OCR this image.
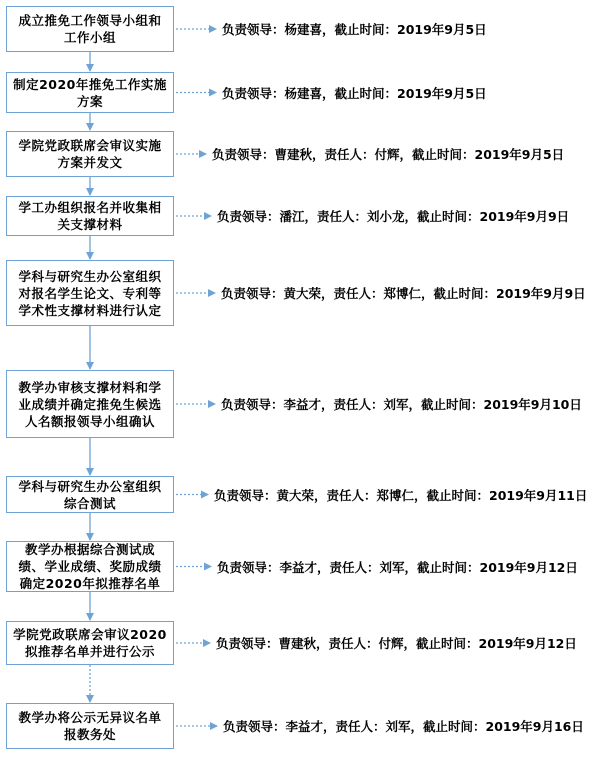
成立推免工作领导小组和
工作小组
负责领导：杨建喜，截止时间：2019年9月5日
制定2020年推免工作实施
方案
负责领导：杨建喜，截止时间：2019年9月5日
学院党政联席会审议实施
方案并发文
负责领导：曹建秋，责任人：付辉，截止时间：2019年9月5日
学工办组织报名并收集相
关支撑材料
负责领导：潘江，责任人：刘小龙，截止时间：2019年9月9日
学科与研究生办公室组织
对报名学生论文、专利等
学术性支撑材料进行认定
负责领导：黄大荣，责任人：郑博仁，截止时间：2019年9月9日
教学办审核支撑材料和学
业成绩并确定推免生候选
人名额报领导小组确认
负责领导：李益才，责任人：刘军，截止时间：2019年9月10日
学科与研究生办公室组织
综合测试
负责领导：黄大荣，责任人：郑博仁，截止时间：2019年9月11日
教学办根据综合测试成
绩、学业成绩、奖励成绩
确定2020年拟推荐名单
负责领导：李益才，责任人：刘军，截止时间：2019年9月12日
学院党政联席会审议2020
拟推荐名单并进行公示
负责领导：曹建秋，责任人：付辉，截止时间：2019年9月12日
教学办将公示无异议名单
报教务处
负责领导：李益才，责任人：刘军，截止时间：2019年9月16日
